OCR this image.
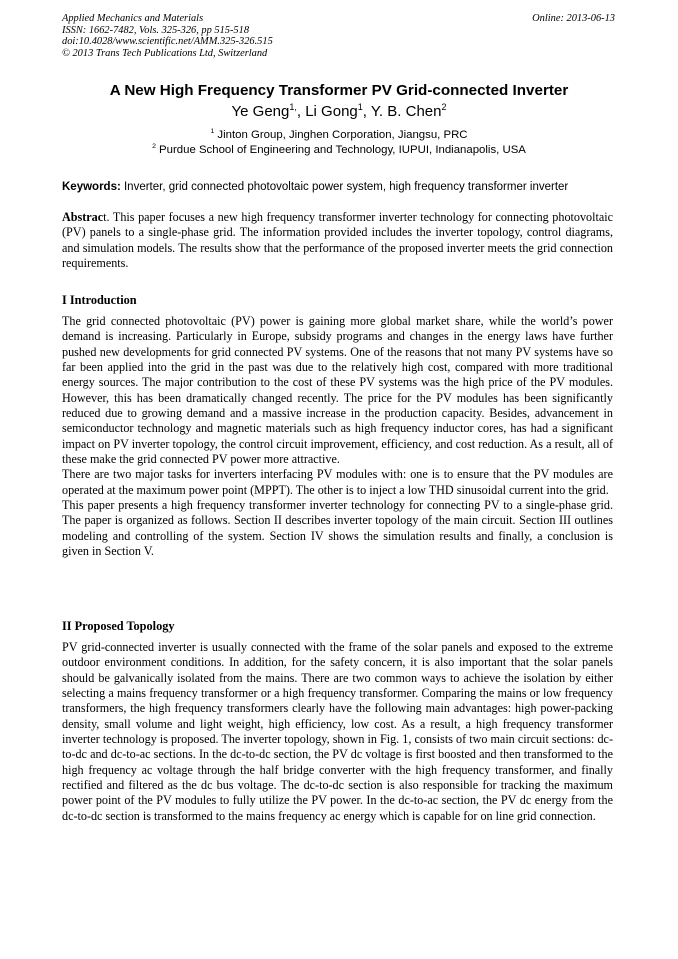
Applied Mechanics and Materials
ISSN: 1662-7482, Vols. 325-326, pp 515-518
doi:10.4028/www.scientific.net/AMM.325-326.515
© 2013 Trans Tech Publications Ltd, Switzerland
Online: 2013-06-13
A New High Frequency Transformer PV Grid-connected Inverter
Ye Geng$^{1,}$, Li Gong$^1$, Y. B. Chen$^2$
$^1$ Jinton Group, Jinghen Corporation, Jiangsu, PRC
$^2$ Purdue School of Engineering and Technology, IUPUI, Indianapolis, USA
Keywords: Inverter, grid connected photovoltaic power system, high frequency transformer inverter

Abstract. This paper focuses a new high frequency transformer inverter technology for connecting photovoltaic (PV) panels to a single-phase grid. The information provided includes the inverter topology, control diagrams, and simulation models. The results show that the performance of the proposed inverter meets the grid connection requirements.

I Introduction

The grid connected photovoltaic (PV) power is gaining more global market share, while the world’s power demand is increasing. Particularly in Europe, subsidy programs and changes in the energy laws have further pushed new developments for grid connected PV systems. One of the reasons that not many PV systems have so far been applied into the grid in the past was due to the relatively high cost, compared with more traditional energy sources. The major contribution to the cost of these PV systems was the high price of the PV modules. However, this has been dramatically changed recently. The price for the PV modules has been significantly reduced due to growing demand and a massive increase in the production capacity. Besides, advancement in semiconductor technology and magnetic materials such as high frequency inductor cores, has had a significant impact on PV inverter topology, the control circuit improvement, efficiency, and cost reduction. As a result, all of these make the grid connected PV power more attractive.

There are two major tasks for inverters interfacing PV modules with: one is to ensure that the PV modules are operated at the maximum power point (MPPT). The other is to inject a low THD sinusoidal current into the grid.

This paper presents a high frequency transformer inverter technology for connecting PV to a single-phase grid. The paper is organized as follows. Section II describes inverter topology of the main circuit. Section III outlines modeling and controlling of the system. Section IV shows the simulation results and finally, a conclusion is given in Section V.

II Proposed Topology

PV grid-connected inverter is usually connected with the frame of the solar panels and exposed to the extreme outdoor environment conditions. In addition, for the safety concern, it is also important that the solar panels should be galvanically isolated from the mains. There are two common ways to achieve the isolation by either selecting a mains frequency transformer or a high frequency transformer. Comparing the mains or low frequency transformers, the high frequency transformers clearly have the following main advantages: high power-packing density, small volume and light weight, high efficiency, low cost. As a result, a high frequency transformer inverter technology is proposed. The inverter topology, shown in Fig. 1, consists of two main circuit sections: dc-to-dc and dc-to-ac sections. In the dc-to-dc section, the PV dc voltage is first boosted and then transformed to the high frequency ac voltage through the half bridge converter with the high frequency transformer, and finally rectified and filtered as the dc bus voltage. The dc-to-dc section is also responsible for tracking the maximum power point of the PV modules to fully utilize the PV power. In the dc-to-ac section, the PV dc energy from the dc-to-dc section is transformed to the mains frequency ac energy which is capable for on line grid connection.
